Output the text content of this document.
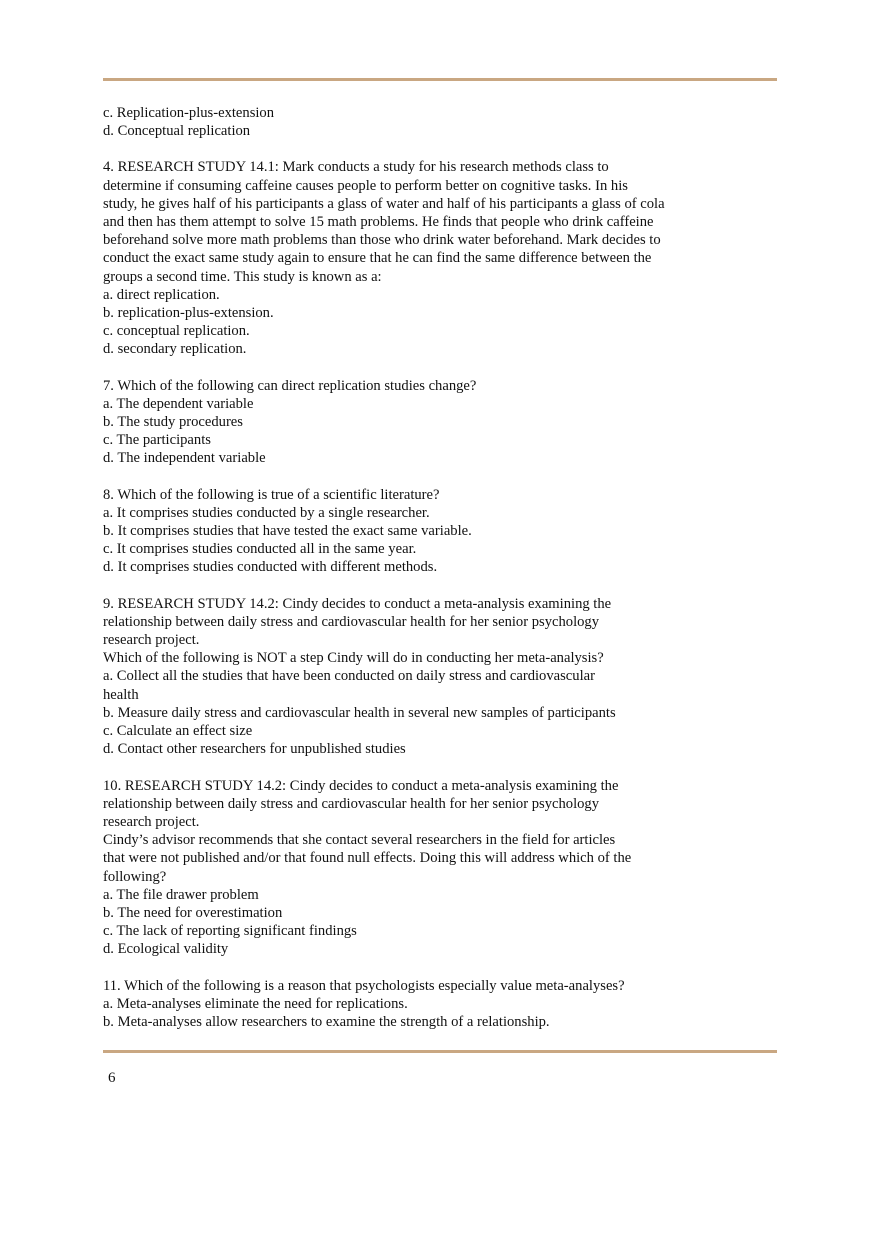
c. Replication-plus-extension
d. Conceptual replication
4. RESEARCH STUDY 14.1: Mark conducts a study for his research methods class to
determine if consuming caffeine causes people to perform better on cognitive tasks. In his
study, he gives half of his participants a glass of water and half of his participants a glass of cola
and then has them attempt to solve 15 math problems. He finds that people who drink caffeine
beforehand solve more math problems than those who drink water beforehand. Mark decides to
conduct the exact same study again to ensure that he can find the same difference between the
groups a second time. This study is known as a:
a. direct replication.
b. replication-plus-extension.
c. conceptual replication.
d. secondary replication.
7. Which of the following can direct replication studies change?
a. The dependent variable
b. The study procedures
c. The participants
d. The independent variable
8. Which of the following is true of a scientific literature?
a. It comprises studies conducted by a single researcher.
b. It comprises studies that have tested the exact same variable.
c. It comprises studies conducted all in the same year.
d. It comprises studies conducted with different methods.
9. RESEARCH STUDY 14.2: Cindy decides to conduct a meta-analysis examining the
relationship between daily stress and cardiovascular health for her senior psychology
research project.
Which of the following is NOT a step Cindy will do in conducting her meta-analysis?
a. Collect all the studies that have been conducted on daily stress and cardiovascular
health
b. Measure daily stress and cardiovascular health in several new samples of participants
c. Calculate an effect size
d. Contact other researchers for unpublished studies
10. RESEARCH STUDY 14.2: Cindy decides to conduct a meta-analysis examining the
relationship between daily stress and cardiovascular health for her senior psychology
research project.
Cindy’s advisor recommends that she contact several researchers in the field for articles
that were not published and/or that found null effects. Doing this will address which of the
following?
a. The file drawer problem
b. The need for overestimation
c. The lack of reporting significant findings
d. Ecological validity
11. Which of the following is a reason that psychologists especially value meta-analyses?
a. Meta-analyses eliminate the need for replications.
b. Meta-analyses allow researchers to examine the strength of a relationship.
6
